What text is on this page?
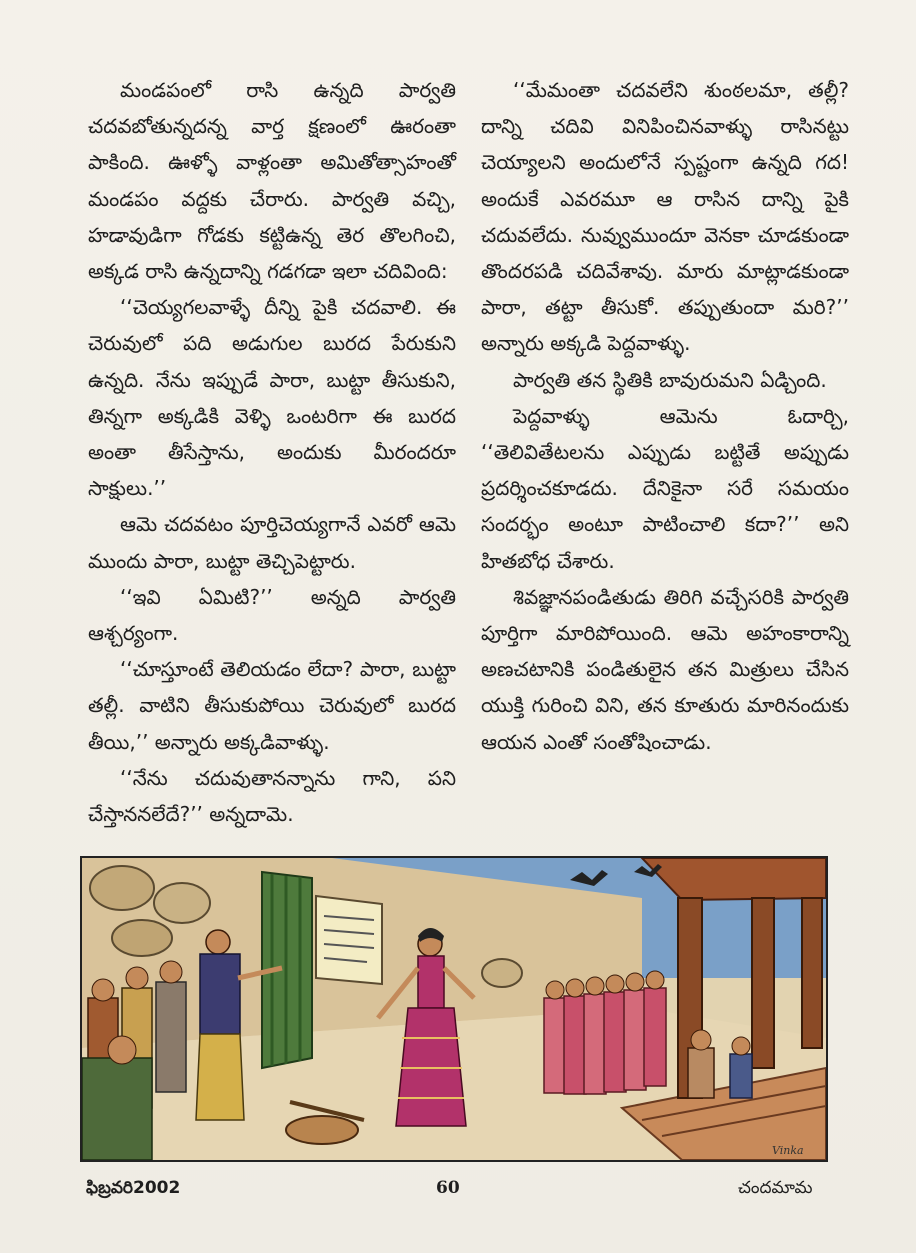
మండపంలో రాసి ఉన్నది పార్వతి చదవబోతున్నదన్న వార్త క్షణంలో ఊరంతా పాకింది. ఊళ్ళో వాళ్లంతా అమితోత్సాహంతో మండపం వద్దకు చేరారు. పార్వతి వచ్చి, హడావుడిగా గోడకు కట్టిఉన్న తెర తొలగించి, అక్కడ రాసి ఉన్నదాన్ని గడగడా ఇలా చదివింది:

‘‘చెయ్యగలవాళ్ళే దీన్ని పైకి చదవాలి. ఈ చెరువులో పది అడుగుల బురద పేరుకుని ఉన్నది. నేను ఇప్పుడే పారా, బుట్టా తీసుకుని, తిన్నగా అక్కడికి వెళ్ళి ఒంటరిగా ఈ బురద అంతా తీసేస్తాను, అందుకు మీరందరూ సాక్షులు.’’

ఆమె చదవటం పూర్తిచెయ్యగానే ఎవరో ఆమె ముందు పారా, బుట్టా తెచ్చిపెట్టారు.

‘‘ఇవి ఏమిటి?’’ అన్నది పార్వతి ఆశ్చర్యంగా.

‘‘చూస్తూంటే తెలియడం లేదా? పారా, బుట్టా తల్లీ. వాటిని తీసుకుపోయి చెరువులో బురద తీయి,’’ అన్నారు అక్కడివాళ్ళు.

‘‘నేను చదువుతానన్నాను గాని, పని చేస్తాననలేదే?’’ అన్నదామె.

‘‘మేమంతా చదవలేని శుంఠలమా, తల్లీ? దాన్ని చదివి వినిపించినవాళ్ళు రాసినట్టు చెయ్యాలని అందులోనే స్పష్టంగా ఉన్నది గద! అందుకే ఎవరమూ ఆ రాసిన దాన్ని పైకి చదువలేదు. నువ్వుముందూ వెనకా చూడకుండా తొందరపడి చదివేశావు. మారు మాట్లాడకుండా పారా, తట్టా తీసుకో. తప్పుతుందా మరి?’’ అన్నారు అక్కడి పెద్దవాళ్ళు.

పార్వతి తన స్థితికి బావురుమని ఏడ్చింది.

పెద్దవాళ్ళు ఆమెను ఓదార్చి, ‘‘తెలివితేటలను ఎప్పుడు బట్టితే అప్పుడు ప్రదర్శించకూడదు. దేనికైనా సరే సమయం సందర్భం అంటూ పాటించాలి కదా?’’ అని హితబోధ చేశారు.

శివజ్ఞానపండితుడు తిరిగి వచ్చేసరికి పార్వతి పూర్తిగా మారిపోయింది. ఆమె అహంకారాన్ని అణచటానికి పండితులైన తన మిత్రులు చేసిన యుక్తి గురించి విని, తన కూతురు మారినందుకు ఆయన ఎంతో సంతోషించాడు.

Vinka
ఫిబ్రవరి2002	60	చందమామ
